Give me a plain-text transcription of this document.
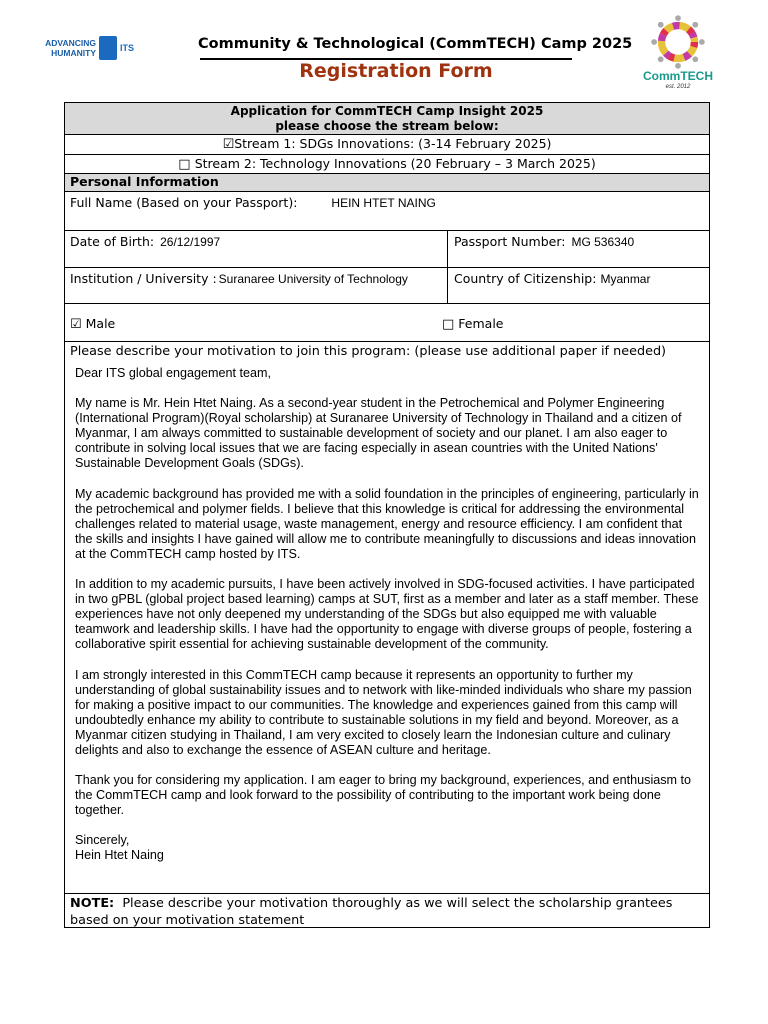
ADVANCING HUMANITY	ITS	Community & Technological (CommTECH) Camp 2025
Registration Form	CommTECH
est. 2012
Application for CommTECH Camp Insight 2025
please choose the stream below:
☑Stream 1: SDGs Innovations: (3-14 February 2025)
□ Stream 2: Technology Innovations (20 February – 3 March 2025)
Personal Information
Full Name (Based on your Passport):	HEIN HTET NAING
Date of Birth: 26/12/1997	Passport Number: MG 536340
Institution / University : Suranaree University of Technology	Country of Citizenship: Myanmar
☑ Male	□ Female
Please describe your motivation to join this program: (please use additional paper if needed)

Dear ITS global engagement team,

My name is Mr. Hein Htet Naing. As a second-year student in the Petrochemical and Polymer Engineering (International Program)(Royal scholarship) at Suranaree University of Technology in Thailand and a citizen of Myanmar, I am always committed to sustainable development of society and our planet. I am also eager to contribute in solving local issues that we are facing especially in asean countries with the United Nations' Sustainable Development Goals (SDGs).

My academic background has provided me with a solid foundation in the principles of engineering, particularly in the petrochemical and polymer fields. I believe that this knowledge is critical for addressing the environmental challenges related to material usage, waste management, energy and resource efficiency. I am confident that the skills and insights I have gained will allow me to contribute meaningfully to discussions and ideas innovation at the CommTECH camp hosted by ITS.

In addition to my academic pursuits, I have been actively involved in SDG-focused activities. I have participated in two gPBL (global project based learning) camps at SUT, first as a member and later as a staff member. These experiences have not only deepened my understanding of the SDGs but also equipped me with valuable teamwork and leadership skills. I have had the opportunity to engage with diverse groups of people, fostering a collaborative spirit essential for achieving sustainable development of the community.

I am strongly interested in this CommTECH camp because it represents an opportunity to further my understanding of global sustainability issues and to network with like-minded individuals who share my passion for making a positive impact to our communities. The knowledge and experiences gained from this camp will undoubtedly enhance my ability to contribute to sustainable solutions in my field and beyond. Moreover, as a Myanmar citizen studying in Thailand, I am very excited to closely learn the Indonesian culture and culinary delights and also to exchange the essence of ASEAN culture and heritage.

Thank you for considering my application. I am eager to bring my background, experiences, and enthusiasm to the CommTECH camp and look forward to the possibility of contributing to the important work being done together.

Sincerely,
Hein Htet Naing
NOTE: Please describe your motivation thoroughly as we will select the scholarship grantees based on your motivation statement
